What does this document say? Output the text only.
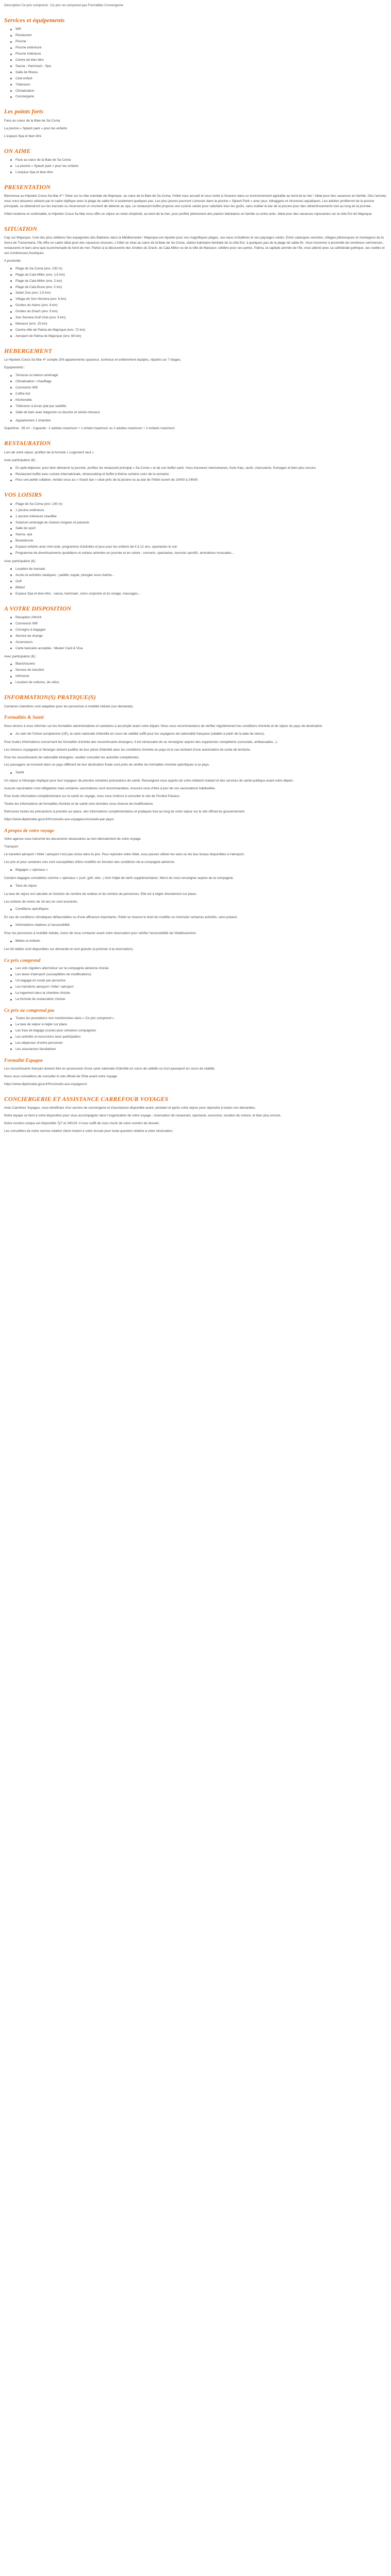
Description Ce prix comprend : Ce prix ne comprend pas Formalités Convergente

Services et équipements
Wifi
Restaurant
Piscine
Piscine extérieure
Piscine Intérieure
Centre de bien être
Sauna - Hammam - Spa
Salle de fitness
Club enfant
Télévision
Climatisation
Conciergerie
Les points forts

Face au coeur de la Baie de Sa Coma

La piscine « Splash park » pour les enfants

L'espace Spa et bien être

ON AIME
Face au cœur de la Baie de Sa Coma
La piscine « Splash park » pour les enfants
L'espace Spa et bien-être
PRESENTATION

Bienvenue au Hipotels Cosra Sa Mar 4* ! Situé sur la côte orientale de Majorque, au cœur de la Baie de Sa Coma, l'hôtel vous accueil et vous invite à l'évasion dans un environnement agréable au bord de la mer ! Idéal pour des vacances en famille. Dès l'arrivée, vous vous laisserez séduire par le cadre idyllique avec la plage de sable fin à seulement quelques pas. Les plus jeunes pourront s'amuser dans la piscine « Splash Park » avec jeux, toboggans et structures aquatiques. Les adultes profiteront de la piscine principale, se détendront sur les transats ou réserveront un moment de détente au spa. Le restaurant buffet propose une cuisine variée pour satisfaire tous les goûts, sans oublier le bar de la piscine pour des rafraîchissements tout au long de la journée.

Hôtel moderne et confortable, le Hipotels Cosra Sa Mar vous offre un séjour en toute simplicité, au bord de la mer, pour profiter pleinement des plaisirs balnéaires en famille ou entre amis. Idéal pour des vacances reposantes sur la côte Est de Majorque.

SITUATION

Cap sur Majorque, l'une des plus célèbres îles espagnoles des Baléares dans la Méditerranée ! Majorque est réputée pour ses magnifiques plages, ses eaux cristallines et ses paysages variés. Entre calanques secrètes, villages pittoresques et montagnes de la Serra de Tramuntana, l'île offre un cadre idéal pour des vacances réussies. L'hôtel se situe au cœur de la Baie de Sa Coma, station balnéaire familiale de la côte Est, à quelques pas de la plage de sable fin. Vous trouverez à proximité de nombreux commerces, restaurants et bars ainsi que la promenade du bord de mer. Partez à la découverte des Grottes du Drach, de Cala Millor ou de la ville de Manacor, célèbre pour ses perles. Palma, la capitale animée de l'île, vous attend avec sa cathédrale gothique, ses ruelles et ses nombreuses boutiques.

A proximité :

Plage de Sa Coma (env. 100 m)
Plage de Cala Millor (env. 1,5 km)
Plage de Cala Millor (env. 2 km)
Plage de Cala Bona (env. 3 km)
Safari Zoo (env. 2,5 km)
Village de Son Servera (env. 6 km)
Grottes du Hams (env. 8 km)
Grottes du Drach (env. 9 km)
Son Servera Golf Club (env. 9 km)
Manacor (env. 15 km)
Centre-ville de Palma de Majorque (env. 72 km)
Aéroport de Palma de Majorque (env. 66 km)
HEBERGEMENT

Le Hipotels Cosra Sa Mar 4* compte 209 appartements spacieux, lumineux et entièrement équipés, répartis sur 7 étages.

Equipements :

Terrasse ou balcon aménagé
Climatisation / chauffage
Connexion Wifi
Coffre-fort
Kitchenette
Télévision à écran plat par satellite
Salle de bain avec baignoire ou douche et sèche-cheveux
Appartement 1 chambre

Superficie : 56 m² - Capacité : 2 adultes maximum + 1 enfant maximum ou 2 adultes maximum + 2 enfants maximum

RESTAURATION

Lors de votre séjour, profitez de la formule « Logement seul ».

Avec participation (€) :

En petit-déjeuner, pour bien démarrer la journée, profitez du restaurant principal « Sa Coma » et de son buffet varié. Vous trouverez viennoiseries, fruits frais, œufs, charcuterie, fromages et bien plus encore.
Restaurant buffet avec cuisine internationale, showcooking et buffet à thème certains soirs de la semaine.
Pour une petite collation, rendez-vous au « Snack bar » situé près de la piscine ou au bar de l'hôtel ouvert de 10h00 à 24h00.
VOS LOISIRS
Plage de Sa Coma (env. 100 m)
1 piscine extérieure
1 piscine intérieure chauffée
Solarium aménagé de chaises longues et parasols
Salle de sport
Sauna, spa
Boulodrome
Espace enfants avec mini-club, programme d'activités et jeux pour les enfants de 4 à 12 ans, spectacles le soir
Programme de divertissements quotidiens et soirées animées en journée et en soirée : concerts, spectacles, tournois sportifs, animations musicales...

Avec participation (€) :

Location de transats
Accès et activités nautiques : paddle, kayak, plongée sous-marine...
Golf
Billard
Espace Spa et bien-être : sauna, hammam, soins corporels et du visage, massages...
A VOTRE DISPOSITION
Réception 24h/24
Connexion Wifi
Consigne à bagages
Service de change
Ascenseurs
Carte bancaire acceptée : Master Card & Visa

Avec participation (€) :

Blanchisserie
Service de transfert
Infirmerie
Location de voitures, de vélos
INFORMATION(S) PRATIQUE(S)

Certaines chambres sont adaptées pour les personnes à mobilité réduite (sur demande).

Formalités & Santé

Nous tenons à vous informer sur les formalités administratives et sanitaires à accomplir avant votre départ. Nous vous recommandons de vérifier régulièrement les conditions d'entrée et de séjour du pays de destination.

Au sein de l'Union européenne (UE), la carte nationale d'identité en cours de validité suffit pour les voyageurs de nationalité française (valable à partir de la date de retour).

Pour toutes informations concernant les formalités d'entrée des ressortissants étrangers, il est nécessaire de se renseigner auprès des organismes compétents (consulats, ambassades...).

Les mineurs voyageant à l'étranger doivent justifier de leur pièce d'identité avec les conditions d'entrée du pays et le cas échéant d'une autorisation de sortie de territoire.

Pour les ressortissants de nationalité étrangère, veuillez consulter les autorités compétentes.

Les passagers se trouvent dans un pays différent de leur destination finale sont priés de vérifier les formalités d'entrée spécifiques à ce pays.

Santé

Un séjour à l'étranger implique pour tout voyageur de prendre certaines précautions de santé. Renseignez-vous auprès de votre médecin traitant et des services de santé publique avant votre départ.

Aucune vaccination n'est obligatoire mais certaines vaccinations sont recommandées. Assurez-vous d'être à jour de vos vaccinations habituelles.

Pour toute information complémentaire sur la santé en voyage, nous vous invitons à consulter le site de l'Institut Pasteur.

Toutes les informations de formalités d'entrée et de santé sont données sous réserve de modifications.

Retrouvez toutes les précautions à prendre sur place, des informations complémentaires et pratiques tout au long de votre séjour sur le site officiel du gouvernement.

https://www.diplomatie.gouv.fr/fr/conseils-aux-voyageurs/conseils-par-pays/

A propos de votre voyage

Votre agence vous transmet les documents nécessaires au bon déroulement de votre voyage.

Transport

Le transfert aéroport / hôtel / aéroport n'est pas inclus dans le prix. Pour rejoindre votre hôtel, vous pouvez utiliser les taxis ou les bus locaux disponibles à l'aéroport.

Les prix et pour certaines vols sont susceptibles d'être modifiés en fonction des conditions de la compagnie aérienne.

Bagages « spéciaux »

Certains bagages considérés comme « spéciaux » (surf, golf, vélo...) font l'objet de tarifs supplémentaires. Merci de vous renseigner auprès de la compagnie.

Taxe de séjour

La taxe de séjour est calculée en fonction du nombre de nuitées et du nombre de personnes. Elle est à régler directement sur place.

Les enfants de moins de 16 ans en sont exonérés.

Conditions spécifiques

En cas de conditions climatiques défavorables ou d'une affluence importante, l'hôtel se réserve le droit de modifier ou d'annuler certaines activités, sans préavis.

Informations relatives à l'accessibilité

Pour les personnes à mobilité réduite, merci de nous contacter avant votre réservation pour vérifier l'accessibilité de l'établissement.

Bébés et enfants

Les lits bébés sont disponibles sur demande et sont gratuits (à préciser à la réservation).

Ce prix comprend
Les vols réguliers aller/retour sur la compagnie aérienne choisie
Les taxes d'aéroport (susceptibles de modifications)
Un bagage en soute par personne
Les transferts aéroport / hôtel / aéroport
Le logement dans la chambre choisie
La formule de restauration choisie
Ce prix ne comprend pas
Toutes les prestations non mentionnées dans « Ce prix comprend »
La taxe de séjour à régler sur place
Les frais de bagage (soute) pour certaines compagnies
Les activités et excursions avec participation
Les dépenses d'ordre personnel
Les assurances facultatives
Formalité Espagne

Les ressortissants français doivent être en possession d'une carte nationale d'identité en cours de validité ou d'un passeport en cours de validité.

Nous vous conseillons de consulter le site officiel de l'Etat avant votre voyage.

https://www.diplomatie.gouv.fr/fr/conseils-aux-voyageurs/

CONCIERGERIE ET ASSISTANCE CARREFOUR VOYAGES

Avec Carrefour Voyages, vous bénéficiez d'un service de conciergerie et d'assistance disponible avant, pendant et après votre séjour pour répondre à toutes vos demandes.

Notre équipe se tient à votre disposition pour vous accompagner dans l'organisation de votre voyage : réservation de restaurant, spectacle, excursion, location de voiture, et bien plus encore.

Notre numéro unique est disponible 7j/7 et 24h/24. Il vous suffit de vous munir de votre numéro de dossier.

Les conseillers de notre service relation client restent à votre écoute pour toute question relative à votre réservation.
